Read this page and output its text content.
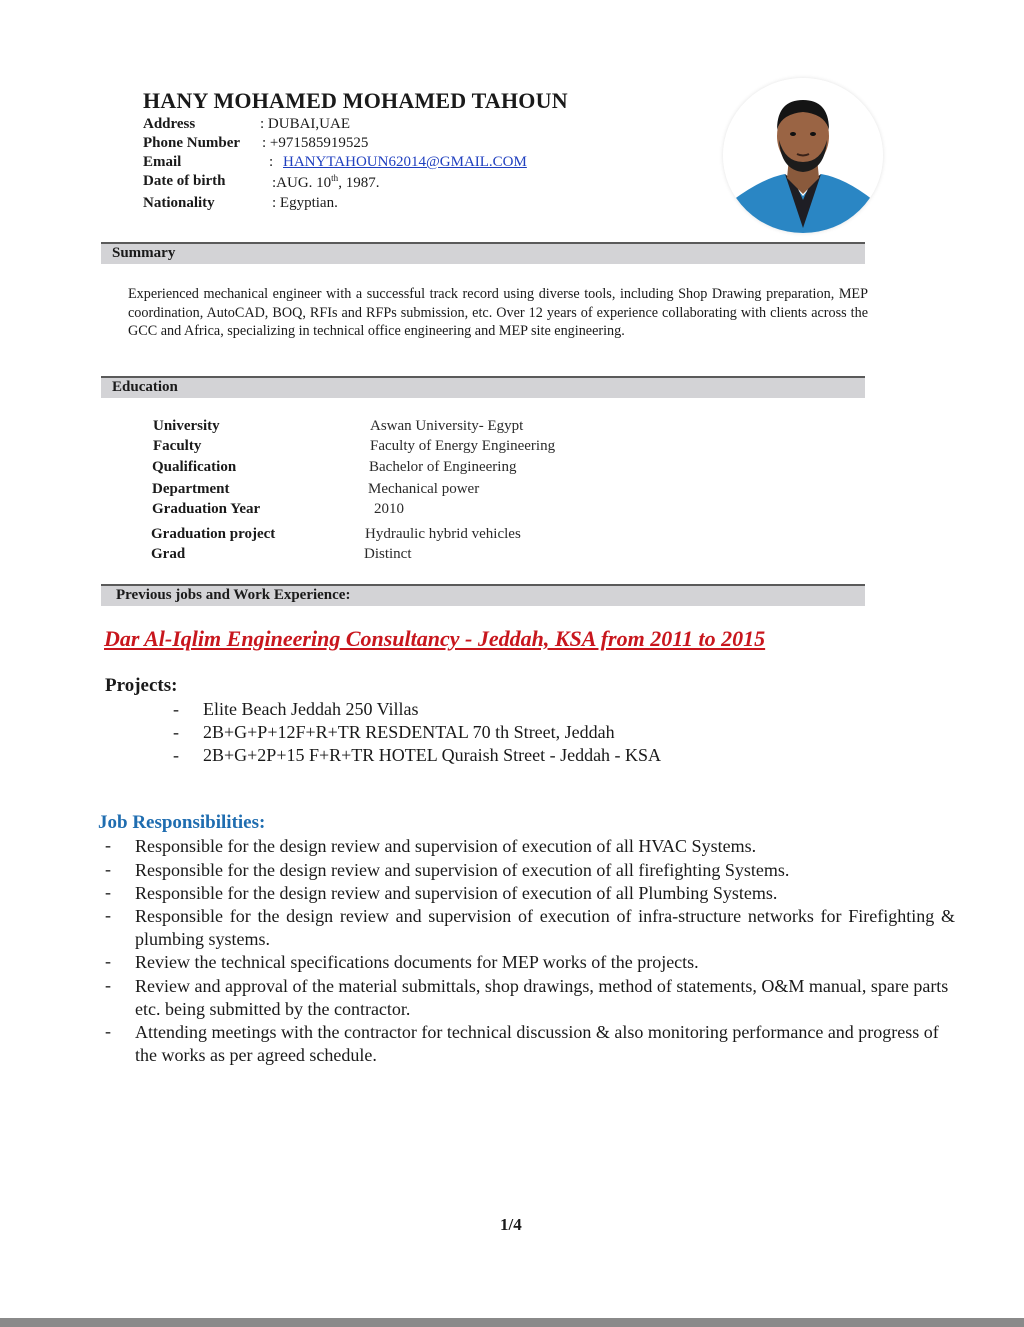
HANY MOHAMED MOHAMED TAHOUN
Address	: DUBAI,UAE
Phone Number : +971585919525
Email	: HANYTAHOUN62014@GMAIL.COM
Date of birth	:AUG. 10th, 1987.
Nationality	: Egyptian.
Summary
Experienced mechanical engineer with a successful track record using diverse tools, including Shop Drawing preparation, MEP coordination, AutoCAD, BOQ, RFIs and RFPs submission, etc. Over 12 years of experience collaborating with clients across the GCC and Africa, specializing in technical office engineering and MEP site engineering.
Education
University	Aswan University- Egypt
Faculty	Faculty of Energy Engineering
Qualification	Bachelor of Engineering
Department	Mechanical power
Graduation Year	2010
Graduation project	Hydraulic hybrid vehicles
Grad	Distinct
Previous jobs and Work Experience:
Dar Al-Iqlim Engineering Consultancy - Jeddah, KSA from 2011 to 2015
Projects:
- Elite Beach Jeddah 250 Villas
- 2B+G+P+12F+R+TR RESDENTAL 70 th Street, Jeddah
- 2B+G+2P+15 F+R+TR HOTEL Quraish Street - Jeddah - KSA
Job Responsibilities:
- Responsible for the design review and supervision of execution of all HVAC Systems.
- Responsible for the design review and supervision of execution of all firefighting Systems.
- Responsible for the design review and supervision of execution of all Plumbing Systems.
- Responsible for the design review and supervision of execution of infra-structure networks for Firefighting & plumbing systems.
- Review the technical specifications documents for MEP works of the projects.
- Review and approval of the material submittals, shop drawings, method of statements, O&M manual, spare parts etc. being submitted by the contractor.
- Attending meetings with the contractor for technical discussion & also monitoring performance and progress of the works as per agreed schedule.
1/4
